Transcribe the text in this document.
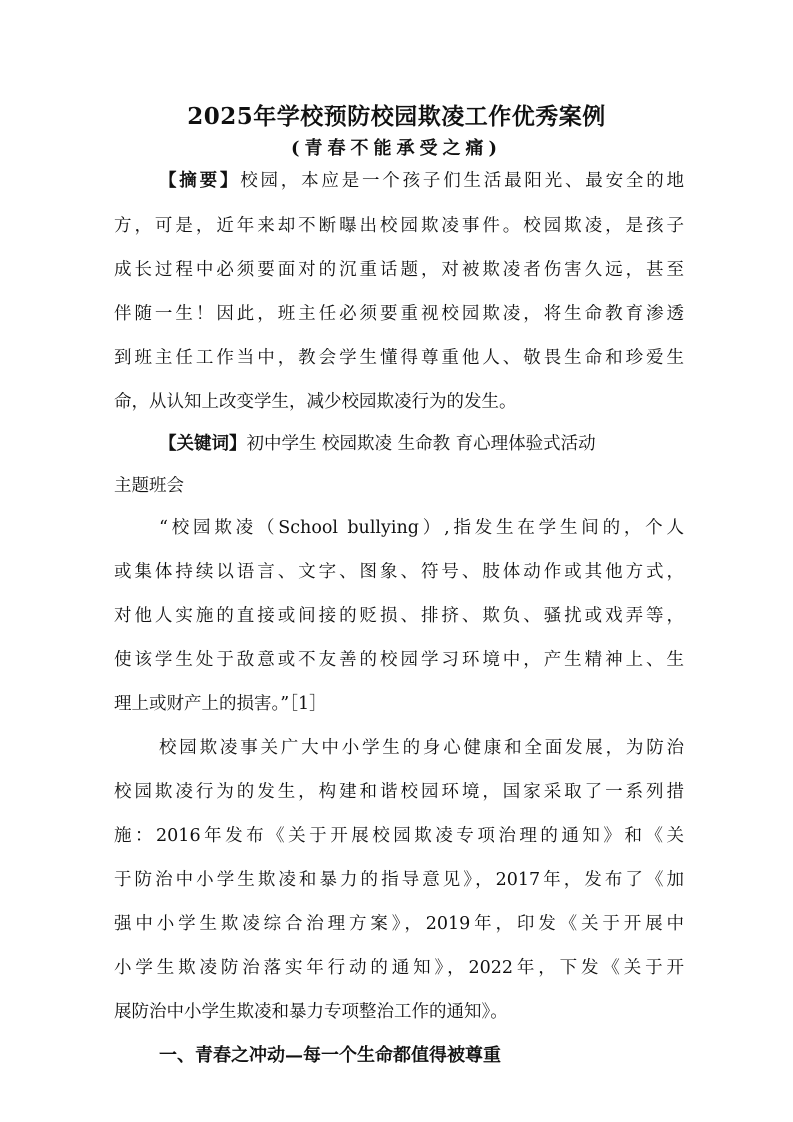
2025年学校预防校园欺凌工作优秀案例
(青春不能承受之痛)
【摘要】校园，本应是一个孩子们生活最阳光、最安全的地
方，可是，近年来却不断曝出校园欺凌事件。校园欺凌，是孩子
成长过程中必须要面对的沉重话题，对被欺凌者伤害久远，甚至
伴随一生！因此，班主任必须要重视校园欺凌，将生命教育渗透
到班主任工作当中，教会学生懂得尊重他人、敬畏生命和珍爱生
命，从认知上改变学生，减少校园欺凌行为的发生。
【关键词】初中学生 校园欺凌 生命教 育心理体验式活动
主题班会
“校园欺凌（School bullying）,指发生在学生间的，个人
或集体持续以语言、文字、图象、符号、肢体动作或其他方式，
对他人实施的直接或间接的贬损、排挤、欺负、骚扰或戏弄等，
使该学生处于敌意或不友善的校园学习环境中，产生精神上、生
理上或财产上的损害。”［1］
校园欺凌事关广大中小学生的身心健康和全面发展，为防治
校园欺凌行为的发生，构建和谐校园环境，国家采取了一系列措
施：2016年发布《关于开展校园欺凌专项治理的通知》和《关
于防治中小学生欺凌和暴力的指导意见》，2017年，发布了《加
强中小学生欺凌综合治理方案》，2019年，印发《关于开展中
小学生欺凌防治落实年行动的通知》，2022年，下发《关于开
展防治中小学生欺凌和暴力专项整治工作的通知》。
一、青春之冲动—每一个生命都值得被尊重
